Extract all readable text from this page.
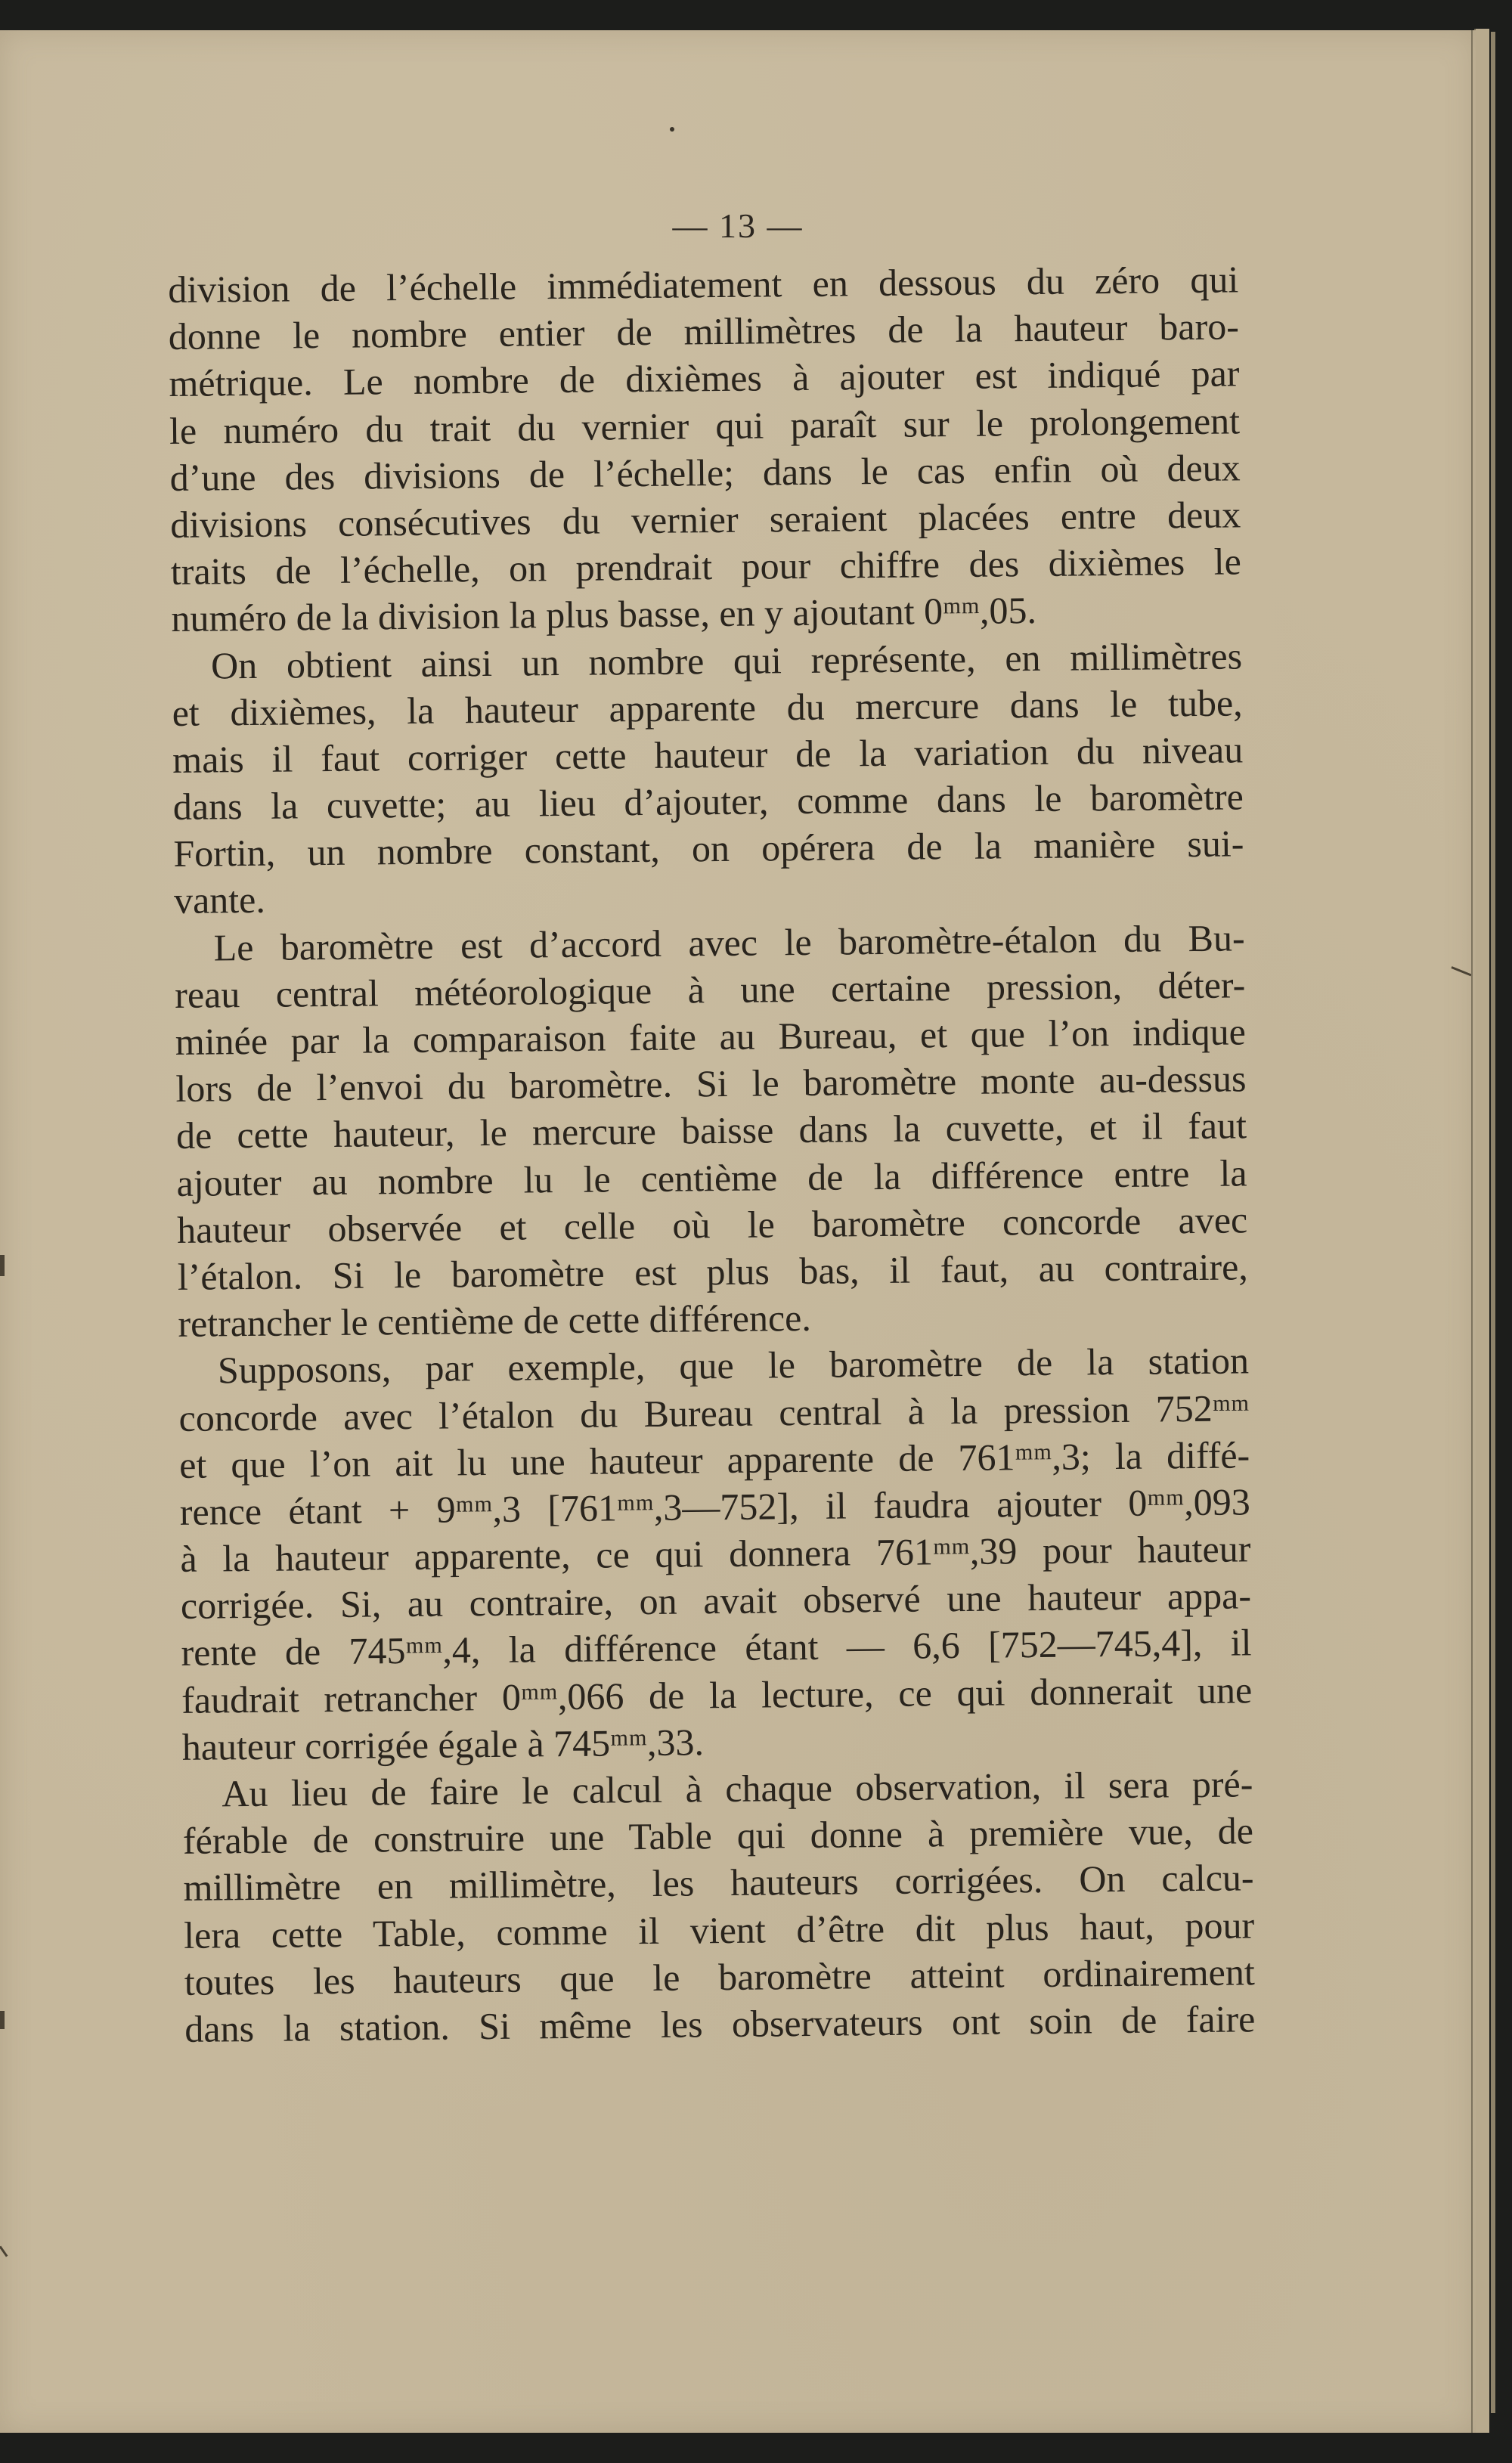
— 13 —
division de l’échelle immédiatement en dessous du zéro qui
donne le nombre entier de millimètres de la hauteur baro-
métrique. Le nombre de dixièmes à ajouter est indiqué par
le numéro du trait du vernier qui paraît sur le prolongement
d’une des divisions de l’échelle; dans le cas enfin où deux
divisions consécutives du vernier seraient placées entre deux
traits de l’échelle, on prendrait pour chiffre des dixièmes le
numéro de la division la plus basse, en y ajoutant 0ᵐᵐ,05.
On obtient ainsi un nombre qui représente, en millimètres
et dixièmes, la hauteur apparente du mercure dans le tube,
mais il faut corriger cette hauteur de la variation du niveau
dans la cuvette; au lieu d’ajouter, comme dans le baromètre
Fortin, un nombre constant, on opérera de la manière sui-
vante.
Le baromètre est d’accord avec le baromètre-étalon du Bu-
reau central météorologique à une certaine pression, déter-
minée par la comparaison faite au Bureau, et que l’on indique
lors de l’envoi du baromètre. Si le baromètre monte au-dessus
de cette hauteur, le mercure baisse dans la cuvette, et il faut
ajouter au nombre lu le centième de la différence entre la
hauteur observée et celle où le baromètre concorde avec
l’étalon. Si le baromètre est plus bas, il faut, au contraire,
retrancher le centième de cette différence.
Supposons, par exemple, que le baromètre de la station
concorde avec l’étalon du Bureau central à la pression 752ᵐᵐ
et que l’on ait lu une hauteur apparente de 761ᵐᵐ,3; la diffé-
rence étant + 9ᵐᵐ,3 [761ᵐᵐ,3—752], il faudra ajouter 0ᵐᵐ,093
à la hauteur apparente, ce qui donnera 761ᵐᵐ,39 pour hauteur
corrigée. Si, au contraire, on avait observé une hauteur appa-
rente de 745ᵐᵐ,4, la différence étant — 6,6 [752—745,4], il
faudrait retrancher 0ᵐᵐ,066 de la lecture, ce qui donnerait une
hauteur corrigée égale à 745ᵐᵐ,33.
Au lieu de faire le calcul à chaque observation, il sera pré-
férable de construire une Table qui donne à première vue, de
millimètre en millimètre, les hauteurs corrigées. On calcu-
lera cette Table, comme il vient d’être dit plus haut, pour
toutes les hauteurs que le baromètre atteint ordinairement
dans la station. Si même les observateurs ont soin de faire
